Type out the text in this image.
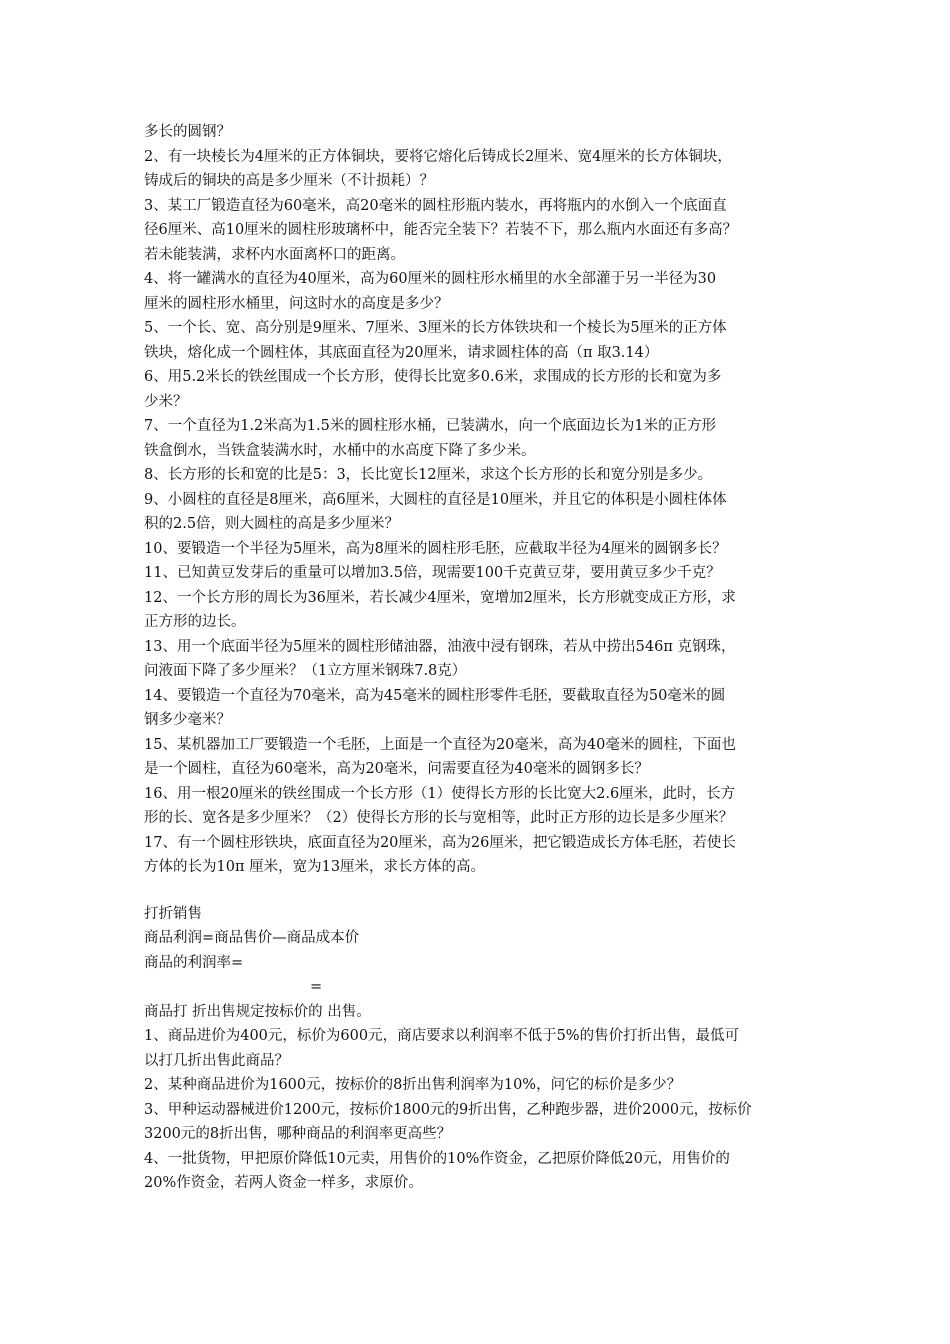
多长的圆钢？
2、有一块棱长为4厘米的正方体铜块，要将它熔化后铸成长2厘米、宽4厘米的长方体铜块，
铸成后的铜块的高是多少厘米（不计损耗）？
3、某工厂锻造直径为60毫米，高20毫米的圆柱形瓶内装水，再将瓶内的水倒入一个底面直
径6厘米、高10厘米的圆柱形玻璃杯中，能否完全装下？若装不下，那么瓶内水面还有多高？
若未能装满，求杯内水面离杯口的距离。
4、将一罐满水的直径为40厘米，高为60厘米的圆柱形水桶里的水全部灌于另一半径为30
厘米的圆柱形水桶里，问这时水的高度是多少？
5、一个长、宽、高分别是9厘米、7厘米、3厘米的长方体铁块和一个棱长为5厘米的正方体
铁块，熔化成一个圆柱体，其底面直径为20厘米，请求圆柱体的高（π 取3.14）
6、用5.2米长的铁丝围成一个长方形，使得长比宽多0.6米，求围成的长方形的长和宽为多
少米？
7、一个直径为1.2米高为1.5米的圆柱形水桶，已装满水，向一个底面边长为1米的正方形
铁盒倒水，当铁盒装满水时，水桶中的水高度下降了多少米。
8、长方形的长和宽的比是5：3，长比宽长12厘米，求这个长方形的长和宽分别是多少。
9、小圆柱的直径是8厘米，高6厘米，大圆柱的直径是10厘米，并且它的体积是小圆柱体体
积的2.5倍，则大圆柱的高是多少厘米？
10、要锻造一个半径为5厘米，高为8厘米的圆柱形毛胚，应截取半径为4厘米的圆钢多长？
11、已知黄豆发芽后的重量可以增加3.5倍，现需要100千克黄豆芽，要用黄豆多少千克？
12、一个长方形的周长为36厘米，若长减少4厘米，宽增加2厘米，长方形就变成正方形，求
正方形的边长。
13、用一个底面半径为5厘米的圆柱形储油器，油液中浸有钢珠，若从中捞出546π 克钢珠，
问液面下降了多少厘米？（1立方厘米钢珠7.8克）
14、要锻造一个直径为70毫米，高为45毫米的圆柱形零件毛胚，要截取直径为50毫米的圆
钢多少毫米？
15、某机器加工厂要锻造一个毛胚，上面是一个直径为20毫米，高为40毫米的圆柱，下面也
是一个圆柱，直径为60毫米，高为20毫米，问需要直径为40毫米的圆钢多长？
16、用一根20厘米的铁丝围成一个长方形（1）使得长方形的长比宽大2.6厘米，此时，长方
形的长、宽各是多少厘米？（2）使得长方形的长与宽相等，此时正方形的边长是多少厘米？
17、有一个圆柱形铁块，底面直径为20厘米，高为26厘米，把它锻造成长方体毛胚，若使长
方体的长为10π 厘米，宽为13厘米，求长方体的高。
打折销售
商品利润=商品售价—商品成本价
商品的利润率=
=
商品打 折出售规定按标价的 出售。
1、商品进价为400元，标价为600元，商店要求以利润率不低于5%的售价打折出售，最低可
以打几折出售此商品？
2、某种商品进价为1600元，按标价的8折出售利润率为10%，问它的标价是多少？
3、甲种运动器械进价1200元，按标价1800元的9折出售，乙种跑步器，进价2000元，按标价
3200元的8折出售，哪种商品的利润率更高些？
4、一批货物，甲把原价降低10元卖，用售价的10%作资金，乙把原价降低20元，用售价的
20%作资金，若两人资金一样多，求原价。
